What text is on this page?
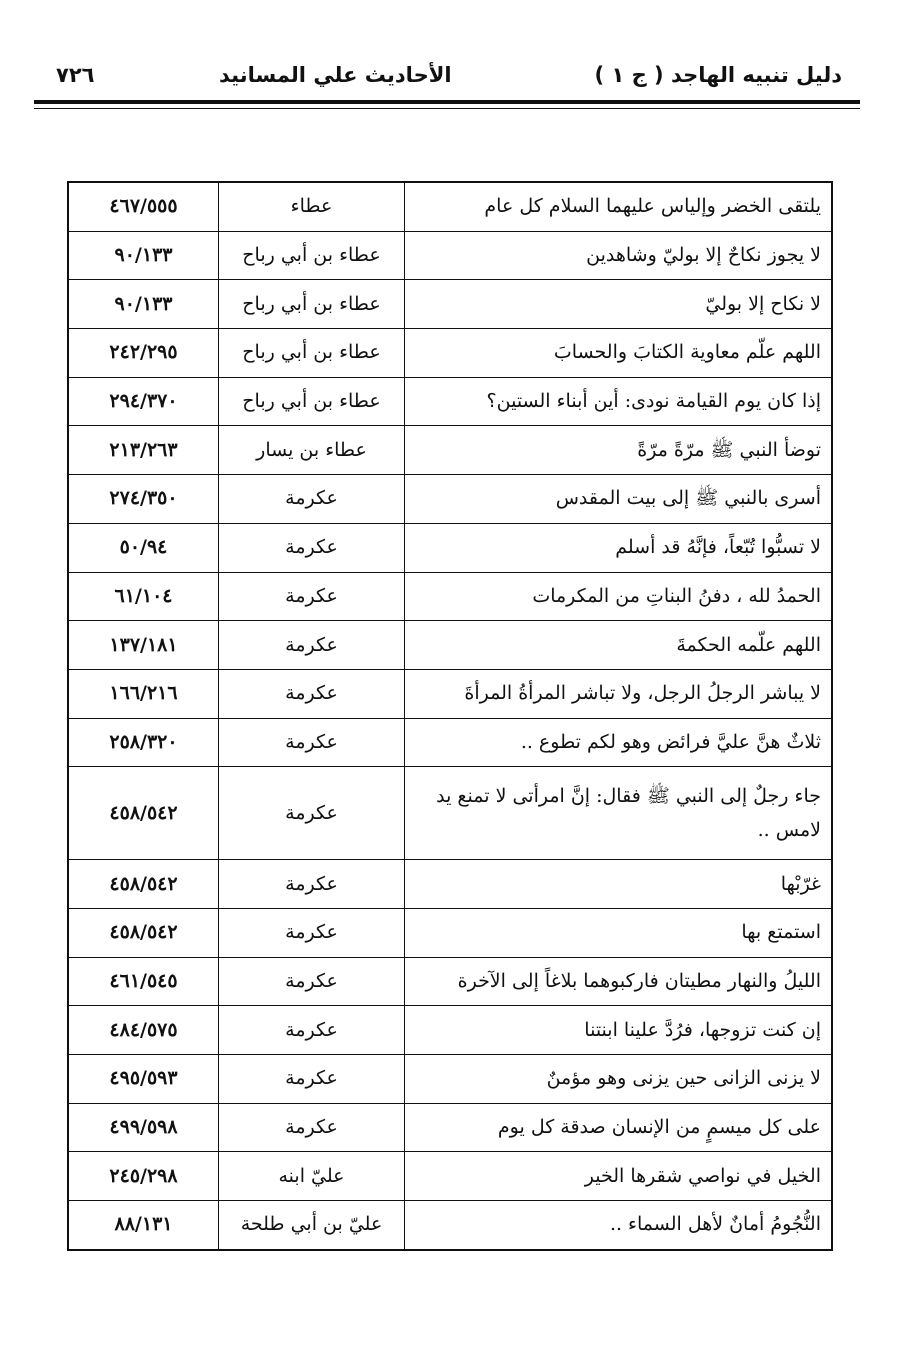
دليل تنبيه الهاجد ( ج ١ )
الأحاديث علي المسانيد
٧٢٦
يلتقى الخضر وإلياس عليهما السلام كل عام	عطاء	٤٦٧/٥٥٥
لا يجوز نكاحٌ إلا بوليّ وشاهدين	عطاء بن أبي رباح	٩٠/١٣٣
لا نكاح إلا بوليّ	عطاء بن أبي رباح	٩٠/١٣٣
اللهم علّم معاوية الكتابَ والحسابَ	عطاء بن أبي رباح	٢٤٢/٢٩٥
إذا كان يوم القيامة نودى: أين أبناء الستين؟	عطاء بن أبي رباح	٢٩٤/٣٧٠
توضأ النبي ﷺ مرّةً مرّةً	عطاء بن يسار	٢١٣/٢٦٣
أسرى بالنبي ﷺ إلى بيت المقدس	عكرمة	٢٧٤/٣٥٠
لا تسبُّوا تُبّعاً، فإنَّهُ قد أسلم	عكرمة	٥٠/٩٤
الحمدُ لله ، دفنُ البناتِ من المكرمات	عكرمة	٦١/١٠٤
اللهم علّمه الحكمةَ	عكرمة	١٣٧/١٨١
لا يباشر الرجلُ الرجل، ولا تباشر المرأةُ المرأةَ	عكرمة	١٦٦/٢١٦
ثلاثٌ هنَّ عليَّ فرائض وهو لكم تطوع ..	عكرمة	٢٥٨/٣٢٠
جاء رجلٌ إلى النبي ﷺ فقال: إنَّ امرأتى لا تمنع يد لامس ..	عكرمة	٤٥٨/٥٤٢
غرّبْها	عكرمة	٤٥٨/٥٤٢
استمتع بها	عكرمة	٤٥٨/٥٤٢
الليلُ والنهار مطيتان فاركبوهما بلاغاً إلى الآخرة	عكرمة	٤٦١/٥٤٥
إن كنت تزوجها، فرُدَّ علينا ابنتنا	عكرمة	٤٨٤/٥٧٥
لا يزنى الزانى حين يزنى وهو مؤمنٌ	عكرمة	٤٩٥/٥٩٣
على كل ميسمٍ من الإنسان صدقة كل يوم	عكرمة	٤٩٩/٥٩٨
الخيل في نواصي شقرها الخير	عليّ ابنه	٢٤٥/٢٩٨
النُّجُومُ أمانٌ لأهل السماء ..	عليّ بن أبي طلحة	٨٨/١٣١
